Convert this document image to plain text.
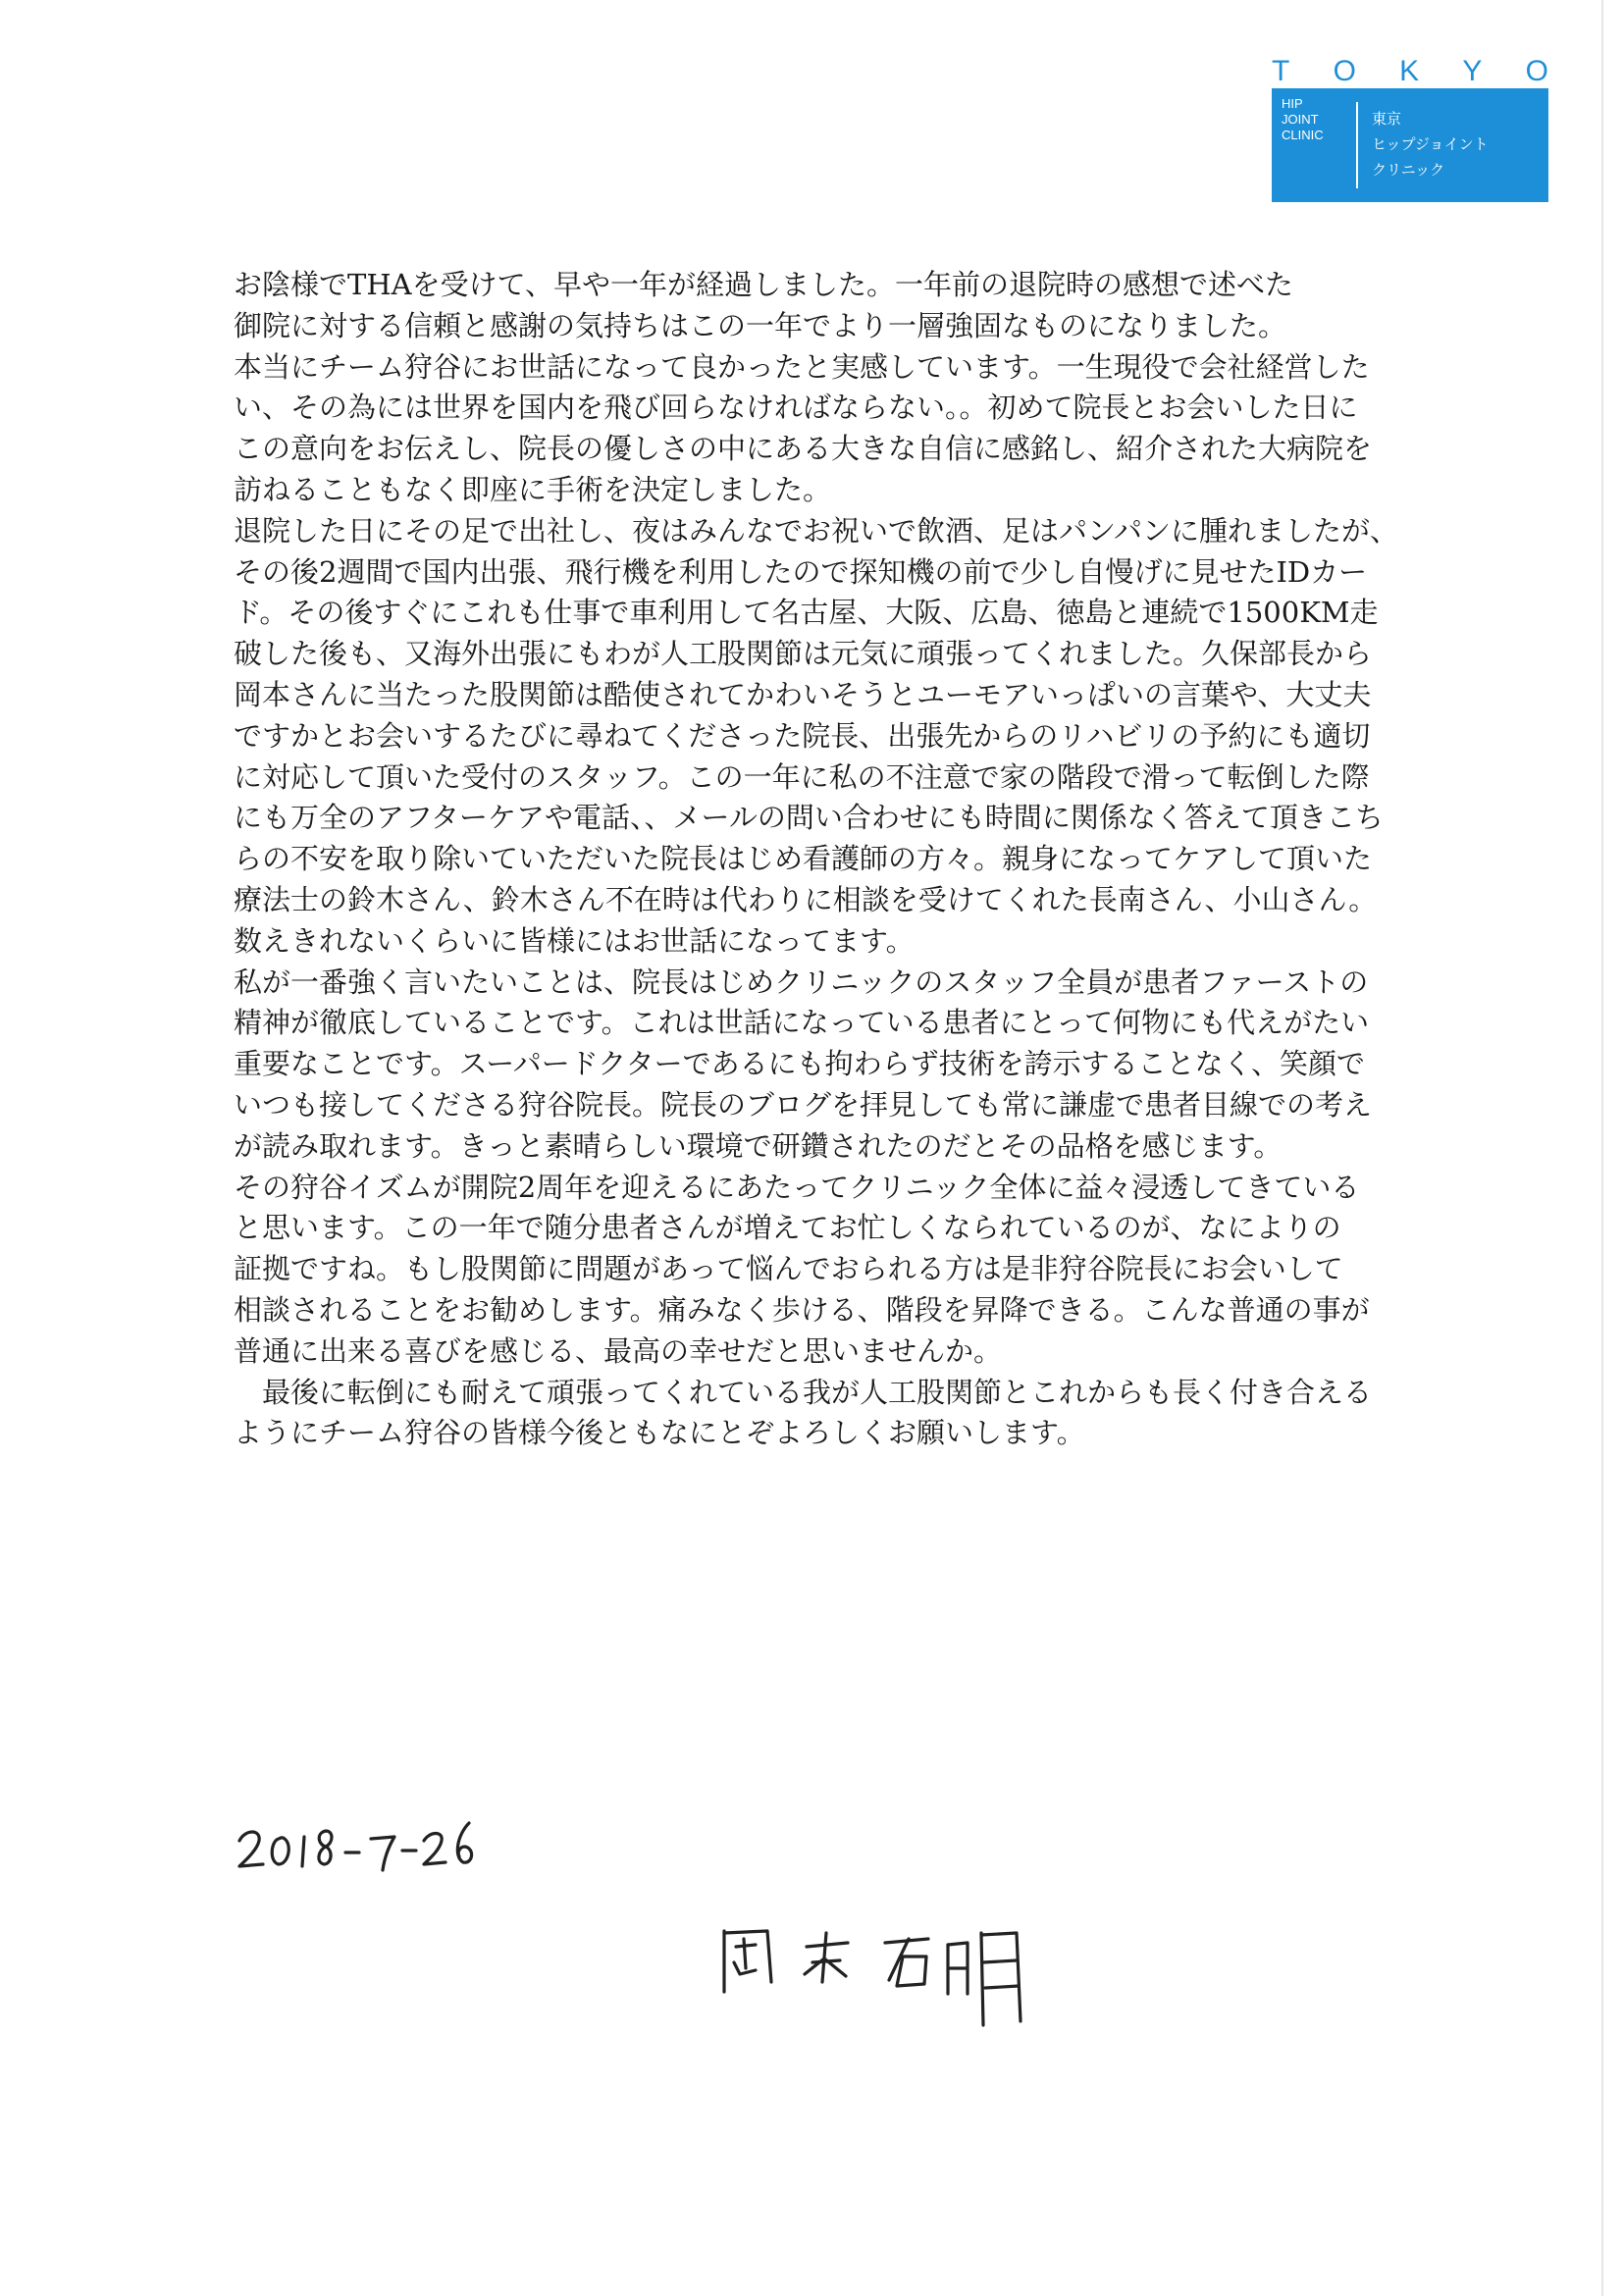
T O K Y O
HIP
JOINT
CLINIC
東京
ヒップジョイント
クリニック
お陰様でTHAを受けて、早や一年が経過しました。一年前の退院時の感想で述べた
御院に対する信頼と感謝の気持ちはこの一年でより一層強固なものになりました。
本当にチーム狩谷にお世話になって良かったと実感しています。一生現役で会社経営した
い、その為には世界を国内を飛び回らなければならない。。初めて院長とお会いした日に
この意向をお伝えし、院長の優しさの中にある大きな自信に感銘し、紹介された大病院を
訪ねることもなく即座に手術を決定しました。
退院した日にその足で出社し、夜はみんなでお祝いで飲酒、足はパンパンに腫れましたが、
その後2週間で国内出張、飛行機を利用したので探知機の前で少し自慢げに見せたIDカー
ド。その後すぐにこれも仕事で車利用して名古屋、大阪、広島、徳島と連続で1500KM走
破した後も、又海外出張にもわが人工股関節は元気に頑張ってくれました。久保部長から
岡本さんに当たった股関節は酷使されてかわいそうとユーモアいっぱいの言葉や、大丈夫
ですかとお会いするたびに尋ねてくださった院長、出張先からのリハビリの予約にも適切
に対応して頂いた受付のスタッフ。この一年に私の不注意で家の階段で滑って転倒した際
にも万全のアフターケアや電話、、メールの問い合わせにも時間に関係なく答えて頂きこち
らの不安を取り除いていただいた院長はじめ看護師の方々。親身になってケアして頂いた
療法士の鈴木さん、鈴木さん不在時は代わりに相談を受けてくれた長南さん、小山さん。
数えきれないくらいに皆様にはお世話になってます。
私が一番強く言いたいことは、院長はじめクリニックのスタッフ全員が患者ファーストの
精神が徹底していることです。これは世話になっている患者にとって何物にも代えがたい
重要なことです。スーパードクターであるにも拘わらず技術を誇示することなく、笑顔で
いつも接してくださる狩谷院長。院長のブログを拝見しても常に謙虚で患者目線での考え
が読み取れます。きっと素晴らしい環境で研鑽されたのだとその品格を感じます。
その狩谷イズムが開院2周年を迎えるにあたってクリニック全体に益々浸透してきている
と思います。この一年で随分患者さんが増えてお忙しくなられているのが、なによりの
証拠ですね。もし股関節に問題があって悩んでおられる方は是非狩谷院長にお会いして
相談されることをお勧めします。痛みなく歩ける、階段を昇降できる。こんな普通の事が
普通に出来る喜びを感じる、最高の幸せだと思いませんか。
　最後に転倒にも耐えて頑張ってくれている我が人工股関節とこれからも長く付き合える
ようにチーム狩谷の皆様今後ともなにとぞよろしくお願いします。
